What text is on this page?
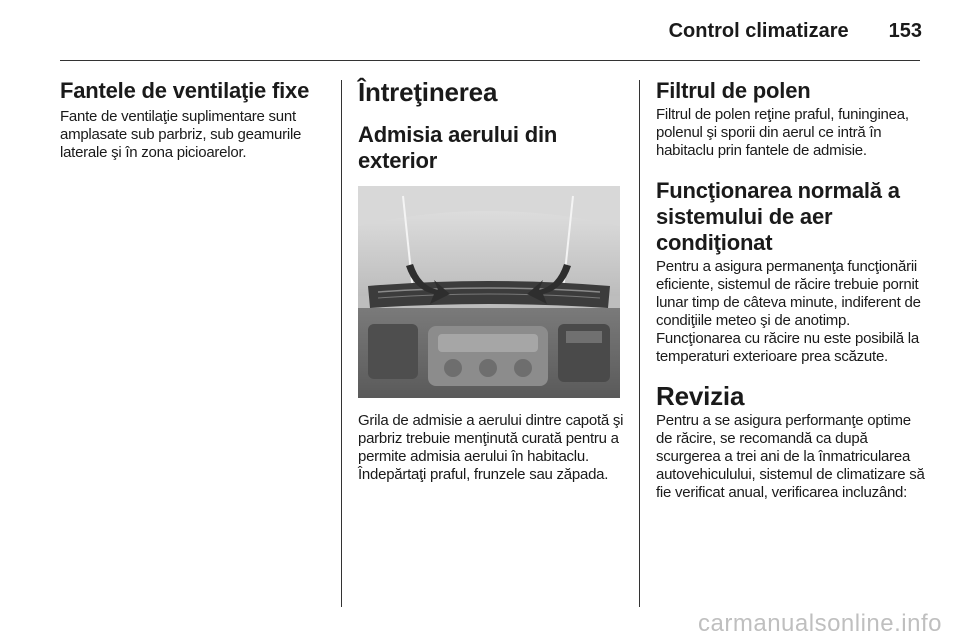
Control climatizare 153
Fantele de ventilaţie fixe

Fante de ventilaţie suplimentare sunt amplasate sub parbriz, sub geamurile laterale şi în zona picioarelor.

Întreţinerea
Admisia aerului din exterior

Grila de admisie a aerului dintre capotă şi parbriz trebuie menţinută curată pentru a permite admisia aerului în habitaclu. Îndepărtaţi praful, frunzele sau zăpada.

Filtrul de polen

Filtrul de polen reţine praful, funinginea, polenul şi sporii din aerul ce intră în habitaclu prin fantele de admisie.

Funcţionarea normală a sistemului de aer condiţionat

Pentru a asigura permanenţa funcţionării eficiente, sistemul de răcire trebuie pornit lunar timp de câteva minute, indiferent de condiţiile meteo şi de anotimp. Funcţionarea cu răcire nu este posibilă la temperaturi exterioare prea scăzute.

Revizia

Pentru a se asigura performanţe optime de răcire, se recomandă ca după scurgerea a trei ani de la înmatricularea autovehiculului, sistemul de climatizare să fie verificat anual, verificarea incluzând:

carmanualsonline.info
